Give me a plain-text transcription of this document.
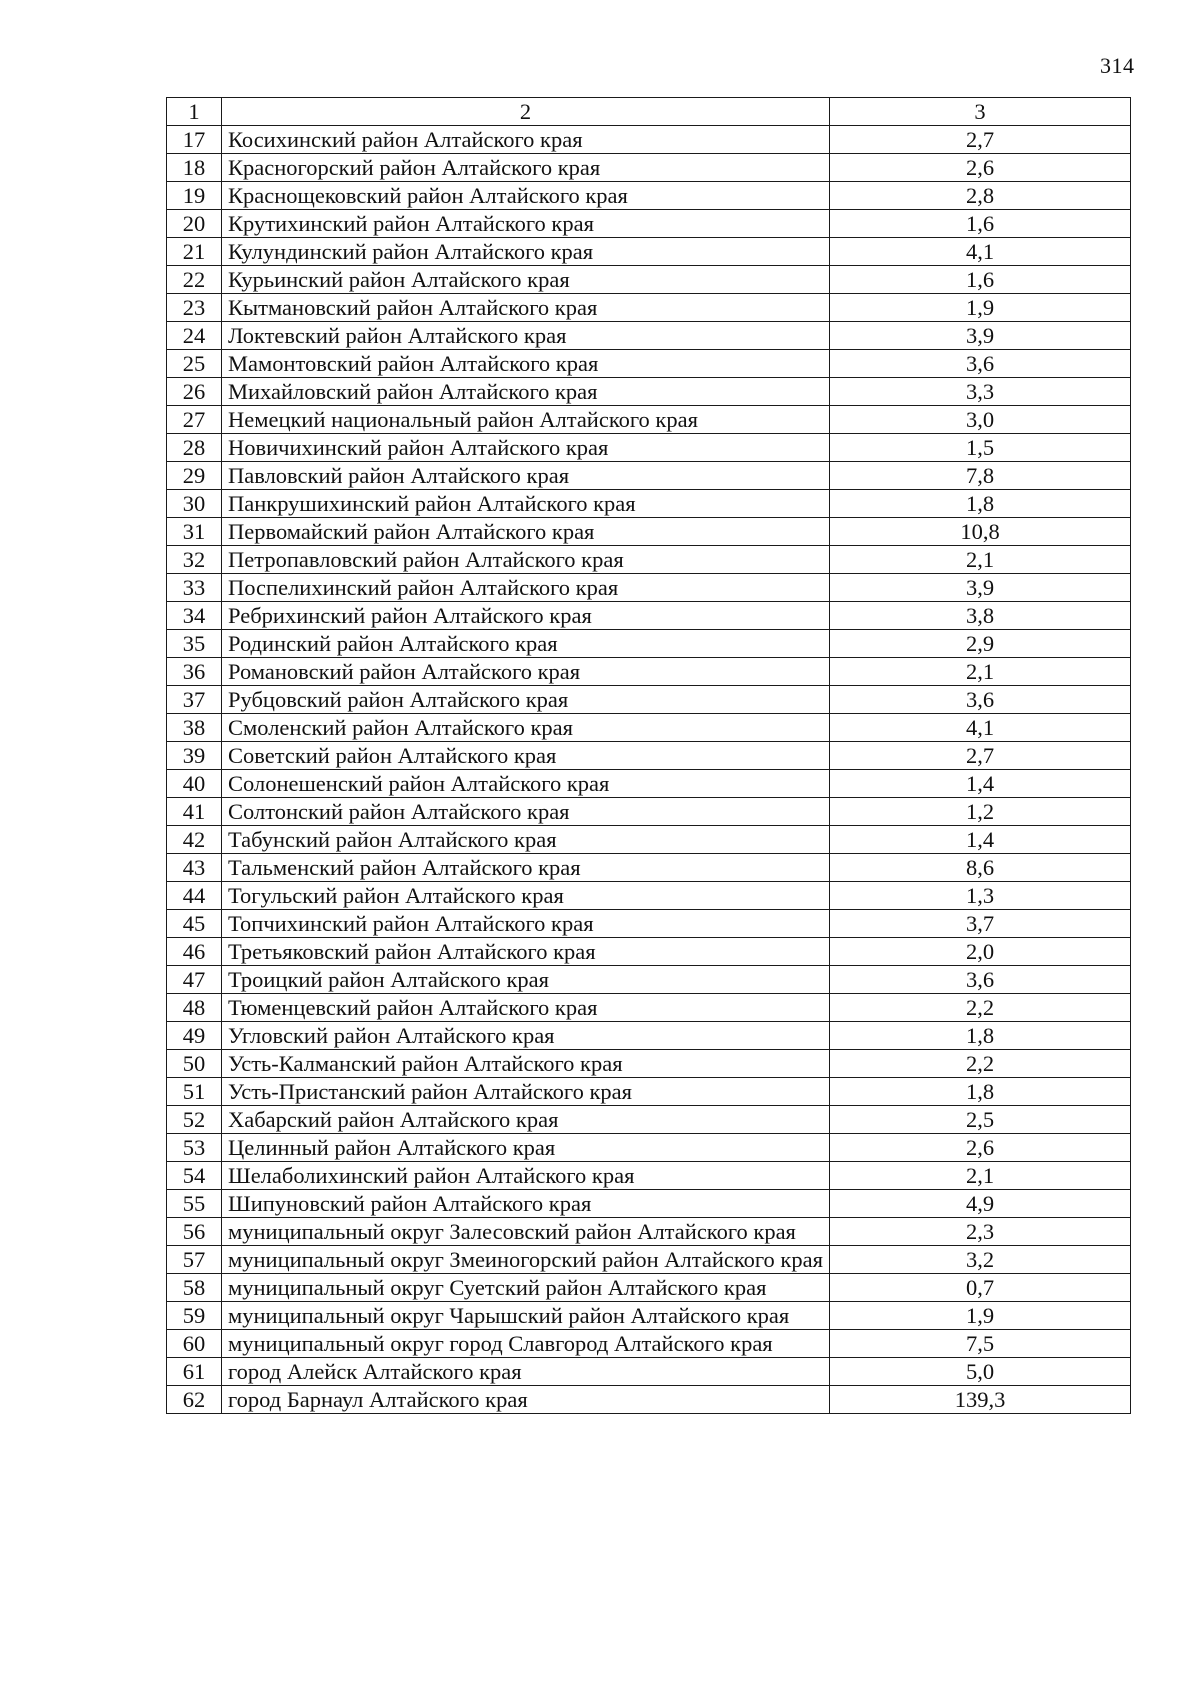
314
1	2	3
17	Косихинский район Алтайского края	2,7
18	Красногорский район Алтайского края	2,6
19	Краснощековский район Алтайского края	2,8
20	Крутихинский район Алтайского края	1,6
21	Кулундинский район Алтайского края	4,1
22	Курьинский район Алтайского края	1,6
23	Кытмановский район Алтайского края	1,9
24	Локтевский район Алтайского края	3,9
25	Мамонтовский район Алтайского края	3,6
26	Михайловский район Алтайского края	3,3
27	Немецкий национальный район Алтайского края	3,0
28	Новичихинский район Алтайского края	1,5
29	Павловский район Алтайского края	7,8
30	Панкрушихинский район Алтайского края	1,8
31	Первомайский район Алтайского края	10,8
32	Петропавловский район Алтайского края	2,1
33	Поспелихинский район Алтайского края	3,9
34	Ребрихинский район Алтайского края	3,8
35	Родинский район Алтайского края	2,9
36	Романовский район Алтайского края	2,1
37	Рубцовский район Алтайского края	3,6
38	Смоленский район Алтайского края	4,1
39	Советский район Алтайского края	2,7
40	Солонешенский район Алтайского края	1,4
41	Солтонский район Алтайского края	1,2
42	Табунский район Алтайского края	1,4
43	Тальменский район Алтайского края	8,6
44	Тогульский район Алтайского края	1,3
45	Топчихинский район Алтайского края	3,7
46	Третьяковский район Алтайского края	2,0
47	Троицкий район Алтайского края	3,6
48	Тюменцевский район Алтайского края	2,2
49	Угловский район Алтайского края	1,8
50	Усть-Калманский район Алтайского края	2,2
51	Усть-Пристанский район Алтайского края	1,8
52	Хабарский район Алтайского края	2,5
53	Целинный район Алтайского края	2,6
54	Шелаболихинский район Алтайского края	2,1
55	Шипуновский район Алтайского края	4,9
56	муниципальный округ Залесовский район Алтайского края	2,3
57	муниципальный округ Змеиногорский район Алтайского края	3,2
58	муниципальный округ Суетский район Алтайского края	0,7
59	муниципальный округ Чарышский район Алтайского края	1,9
60	муниципальный округ город Славгород Алтайского края	7,5
61	город Алейск Алтайского края	5,0
62	город Барнаул Алтайского края	139,3
